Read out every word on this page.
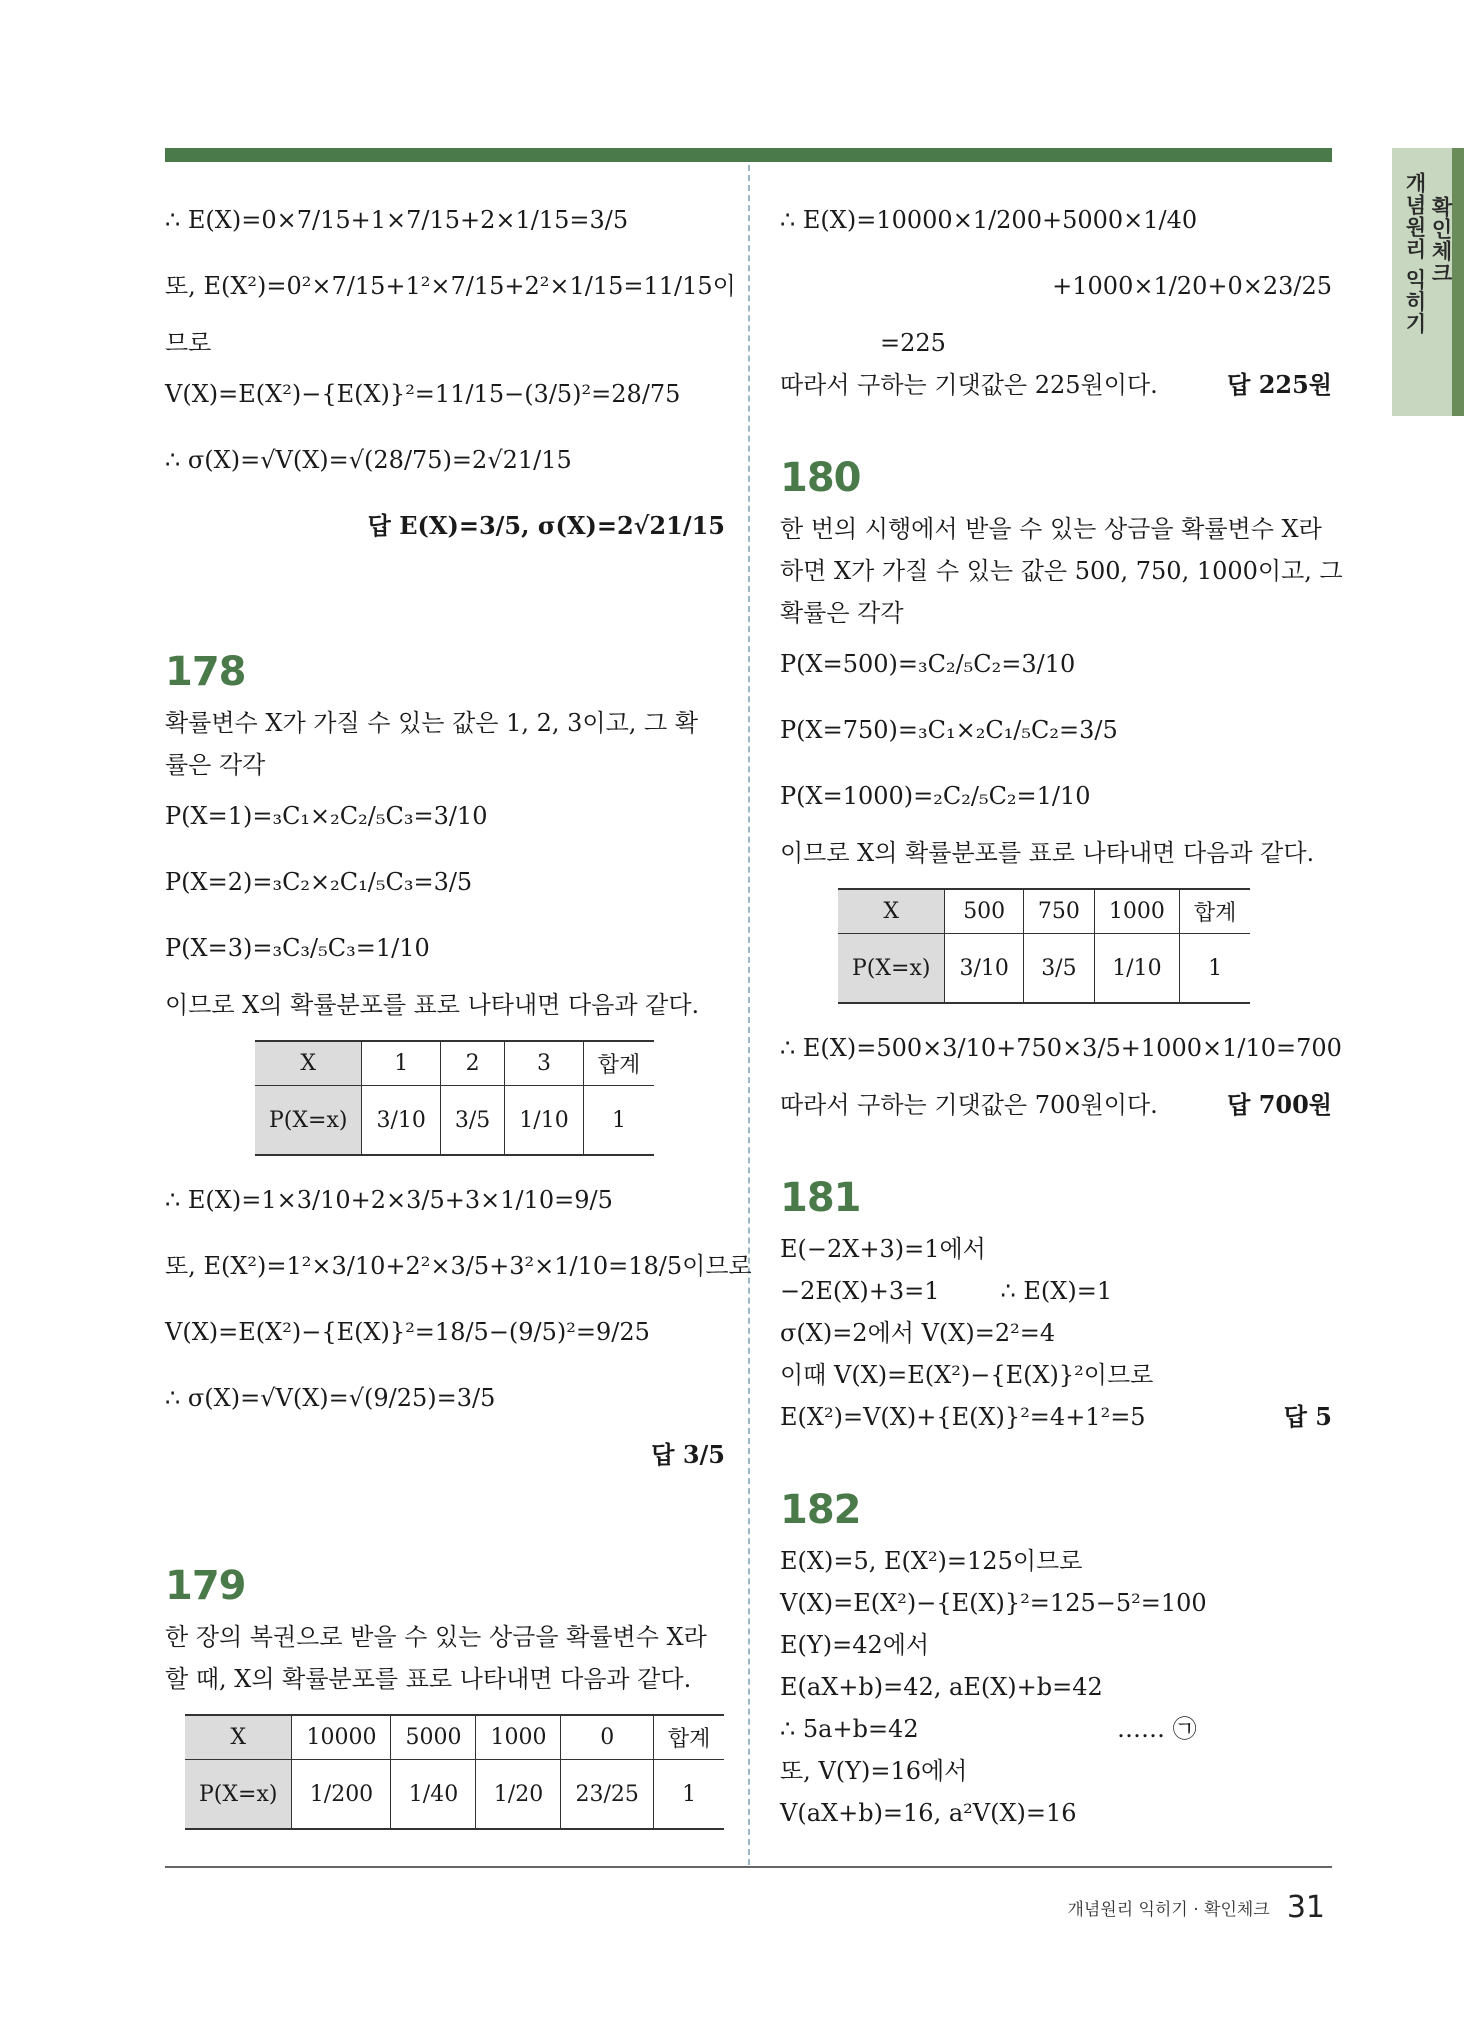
개념원리 익히기 확인체크
∴ E(X)=0×7/15+1×7/15+2×1/15=3/5
또, E(X²)=0²×7/15+1²×7/15+2²×1/15=11/15이
므로
V(X)=E(X²)−{E(X)}²=11/15−(3/5)²=28/75
∴ σ(X)=√V(X)=√(28/75)=2√21/15
답 E(X)=3/5, σ(X)=2√21/15
178
확률변수 X가 가질 수 있는 값은 1, 2, 3이고, 그 확
률은 각각
P(X=1)=₃C₁×₂C₂/₅C₃=3/10
P(X=2)=₃C₂×₂C₁/₅C₃=3/5
P(X=3)=₃C₃/₅C₃=1/10
이므로 X의 확률분포를 표로 나타내면 다음과 같다.
X	1	2	3	합계
P(X=x)	3/10	3/5	1/10	1
∴ E(X)=1×3/10+2×3/5+3×1/10=9/5
또, E(X²)=1²×3/10+2²×3/5+3²×1/10=18/5이므로
V(X)=E(X²)−{E(X)}²=18/5−(9/5)²=9/25
∴ σ(X)=√V(X)=√(9/25)=3/5
답 3/5
179
한 장의 복권으로 받을 수 있는 상금을 확률변수 X라
할 때, X의 확률분포를 표로 나타내면 다음과 같다.
X	10000	5000	1000	0	합계
P(X=x)	1/200	1/40	1/20	23/25	1
∴ E(X)=10000×1/200+5000×1/40
+1000×1/20+0×23/25
=225
따라서 구하는 기댓값은 225원이다.	답 225원
180
한 번의 시행에서 받을 수 있는 상금을 확률변수 X라
하면 X가 가질 수 있는 값은 500, 750, 1000이고, 그
확률은 각각
P(X=500)=₃C₂/₅C₂=3/10
P(X=750)=₃C₁×₂C₁/₅C₂=3/5
P(X=1000)=₂C₂/₅C₂=1/10
이므로 X의 확률분포를 표로 나타내면 다음과 같다.
X	500	750	1000	합계
P(X=x)	3/10	3/5	1/10	1
∴ E(X)=500×3/10+750×3/5+1000×1/10=700
따라서 구하는 기댓값은 700원이다.	답 700원
181
E(−2X+3)=1에서
−2E(X)+3=1        ∴ E(X)=1
σ(X)=2에서 V(X)=2²=4
이때 V(X)=E(X²)−{E(X)}²이므로
E(X²)=V(X)+{E(X)}²=4+1²=5	답 5
182
E(X)=5, E(X²)=125이므로
V(X)=E(X²)−{E(X)}²=125−5²=100
E(Y)=42에서
E(aX+b)=42, aE(X)+b=42
∴ 5a+b=42                          …… ㉠
또, V(Y)=16에서
V(aX+b)=16, a²V(X)=16
개념원리 익히기 · 확인체크 31
